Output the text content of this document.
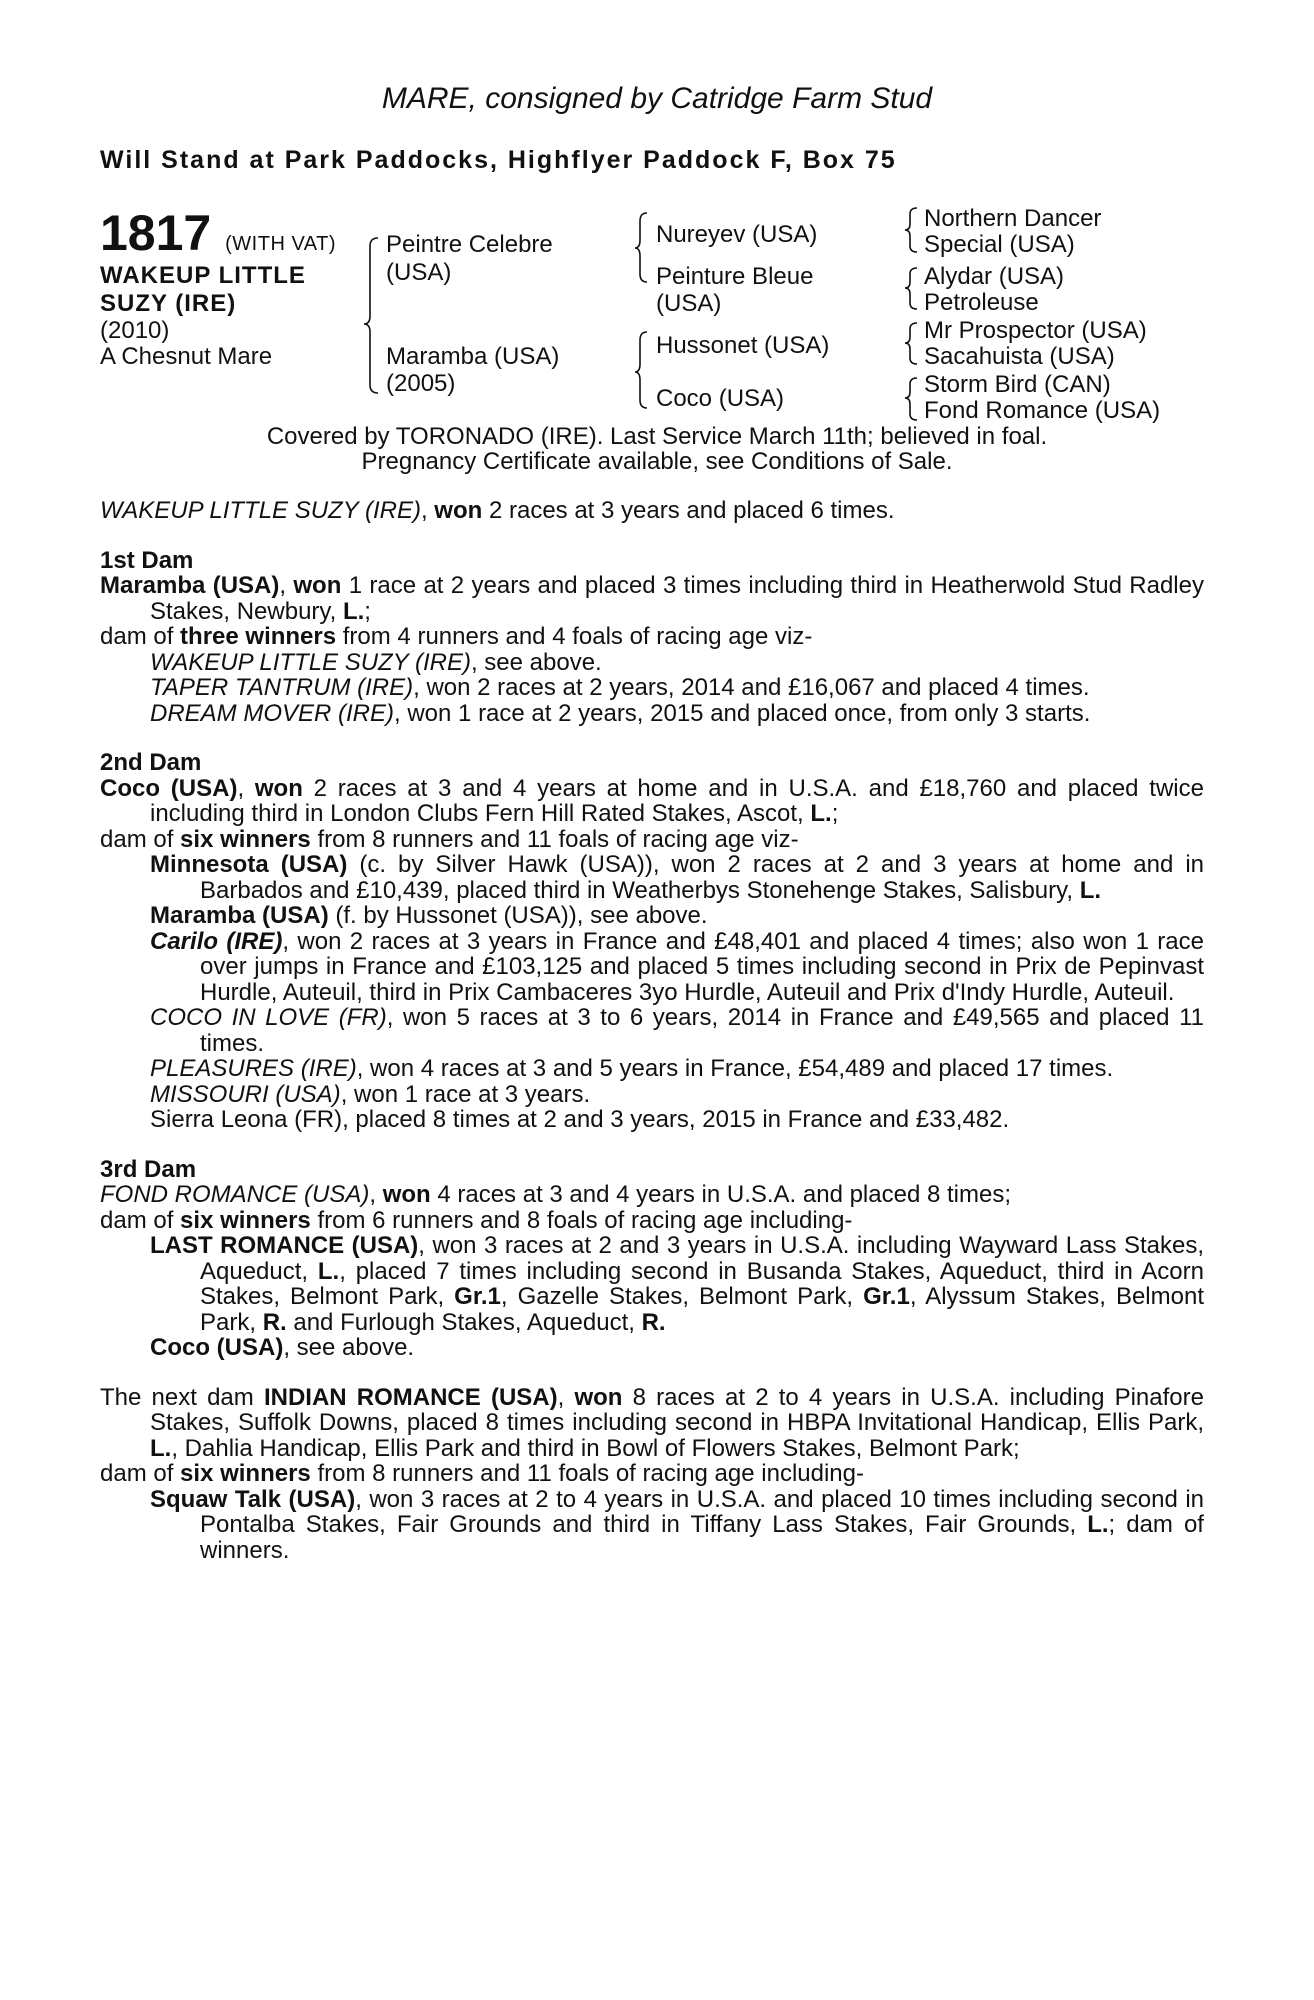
MARE, consigned by Catridge Farm Stud
Will Stand at Park Paddocks, Highflyer Paddock F, Box 75
1817 (WITH VAT)
WAKEUP LITTLE
SUZY (IRE)
(2010)
A Chesnut Mare
Peintre Celebre
(USA)
Maramba (USA)
(2005)
Nureyev (USA)
Peinture Bleue
(USA)
Hussonet (USA)
Coco (USA)
Northern Dancer
Special (USA)
Alydar (USA)
Petroleuse
Mr Prospector (USA)
Sacahuista (USA)
Storm Bird (CAN)
Fond Romance (USA)
Covered by TORONADO (IRE). Last Service March 11th; believed in foal.
Pregnancy Certificate available, see Conditions of Sale.

WAKEUP LITTLE SUZY (IRE), won 2 races at 3 years and placed 6 times.

1st Dam

Maramba (USA), won 1 race at 2 years and placed 3 times including third in Heatherwold Stud Radley Stakes, Newbury, L.;

dam of three winners from 4 runners and 4 foals of racing age viz-

WAKEUP LITTLE SUZY (IRE), see above.

TAPER TANTRUM (IRE), won 2 races at 2 years, 2014 and £16,067 and placed 4 times.

DREAM MOVER (IRE), won 1 race at 2 years, 2015 and placed once, from only 3 starts.

2nd Dam

Coco (USA), won 2 races at 3 and 4 years at home and in U.S.A. and £18,760 and placed twice including third in London Clubs Fern Hill Rated Stakes, Ascot, L.;

dam of six winners from 8 runners and 11 foals of racing age viz-

Minnesota (USA) (c. by Silver Hawk (USA)), won 2 races at 2 and 3 years at home and in Barbados and £10,439, placed third in Weatherbys Stonehenge Stakes, Salisbury, L.

Maramba (USA) (f. by Hussonet (USA)), see above.

Carilo (IRE), won 2 races at 3 years in France and £48,401 and placed 4 times; also won 1 race over jumps in France and £103,125 and placed 5 times including second in Prix de Pepinvast Hurdle, Auteuil, third in Prix Cambaceres 3yo Hurdle, Auteuil and Prix d'Indy Hurdle, Auteuil.

COCO IN LOVE (FR), won 5 races at 3 to 6 years, 2014 in France and £49,565 and placed 11 times.

PLEASURES (IRE), won 4 races at 3 and 5 years in France, £54,489 and placed 17 times.

MISSOURI (USA), won 1 race at 3 years.

Sierra Leona (FR), placed 8 times at 2 and 3 years, 2015 in France and £33,482.

3rd Dam

FOND ROMANCE (USA), won 4 races at 3 and 4 years in U.S.A. and placed 8 times;

dam of six winners from 6 runners and 8 foals of racing age including-

LAST ROMANCE (USA), won 3 races at 2 and 3 years in U.S.A. including Wayward Lass Stakes, Aqueduct, L., placed 7 times including second in Busanda Stakes, Aqueduct, third in Acorn Stakes, Belmont Park, Gr.1, Gazelle Stakes, Belmont Park, Gr.1, Alyssum Stakes, Belmont Park, R. and Furlough Stakes, Aqueduct, R.

Coco (USA), see above.

The next dam INDIAN ROMANCE (USA), won 8 races at 2 to 4 years in U.S.A. including Pinafore Stakes, Suffolk Downs, placed 8 times including second in HBPA Invitational Handicap, Ellis Park, L., Dahlia Handicap, Ellis Park and third in Bowl of Flowers Stakes, Belmont Park;

dam of six winners from 8 runners and 11 foals of racing age including-

Squaw Talk (USA), won 3 races at 2 to 4 years in U.S.A. and placed 10 times including second in Pontalba Stakes, Fair Grounds and third in Tiffany Lass Stakes, Fair Grounds, L.; dam of winners.
